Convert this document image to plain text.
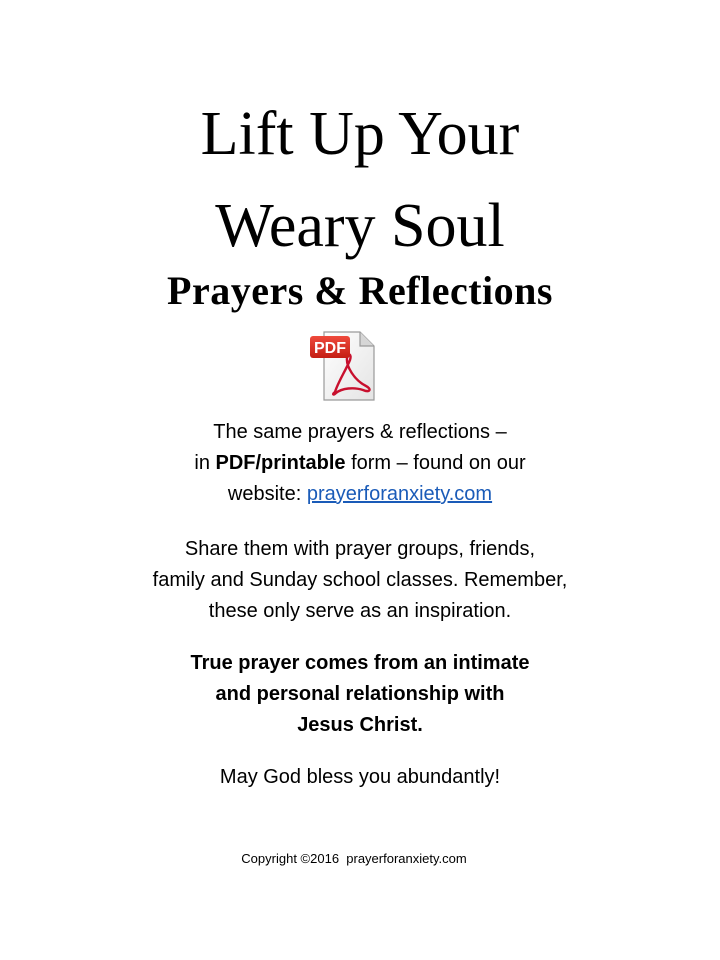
Lift Up Your
Weary Soul
Prayers & Reflections
PDF
The same prayers & reflections –
in PDF/printable form – found on our
website: prayerforanxiety.com
Share them with prayer groups, friends,
family and Sunday school classes. Remember,
these only serve as an inspiration.
True prayer comes from an intimate
and personal relationship with
Jesus Christ.
May God bless you abundantly!

Copyright ©2016  prayerforanxiety.com
